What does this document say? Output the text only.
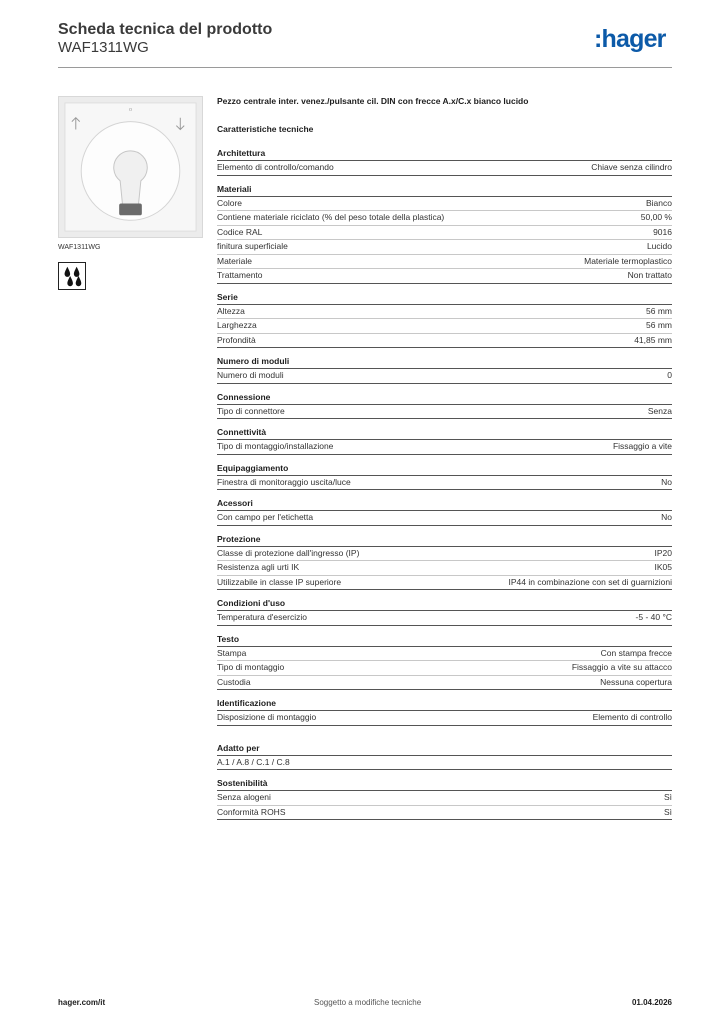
Scheda tecnica del prodotto
WAF1311WG	:hager
o
WAF1311WG
Pezzo centrale inter. venez./pulsante cil. DIN con frecce A.x/C.x bianco lucido
Caratteristiche tecniche
Architettura
Elemento di controllo/comando	Chiave senza cilindro
Materiali
Colore	Bianco
Contiene materiale riciclato (% del peso totale della plastica)	50,00 %
Codice RAL	9016
finitura superficiale	Lucido
Materiale	Materiale termoplastico
Trattamento	Non trattato
Serie
Altezza	56 mm
Larghezza	56 mm
Profondità	41,85 mm
Numero di moduli
Numero di moduli	0
Connessione
Tipo di connettore	Senza
Connettività
Tipo di montaggio/installazione	Fissaggio a vite
Equipaggiamento
Finestra di monitoraggio uscita/luce	No
Acessori
Con campo per l'etichetta	No
Protezione
Classe di protezione dall'ingresso (IP)	IP20
Resistenza agli urti IK	IK05
Utilizzabile in classe IP superiore	IP44 in combinazione con set di guarnizioni
Condizioni d'uso
Temperatura d'esercizio	-5 - 40 °C
Testo
Stampa	Con stampa frecce
Tipo di montaggio	Fissaggio a vite su attacco
Custodia	Nessuna copertura
Identificazione
Disposizione di montaggio	Elemento di controllo
Adatto per
A.1 / A.8 / C.1 / C.8
Sostenibilità
Senza alogeni	Sì
Conformità ROHS	Sì
hager.com/it	Soggetto a modifiche tecniche	01.04.2026
